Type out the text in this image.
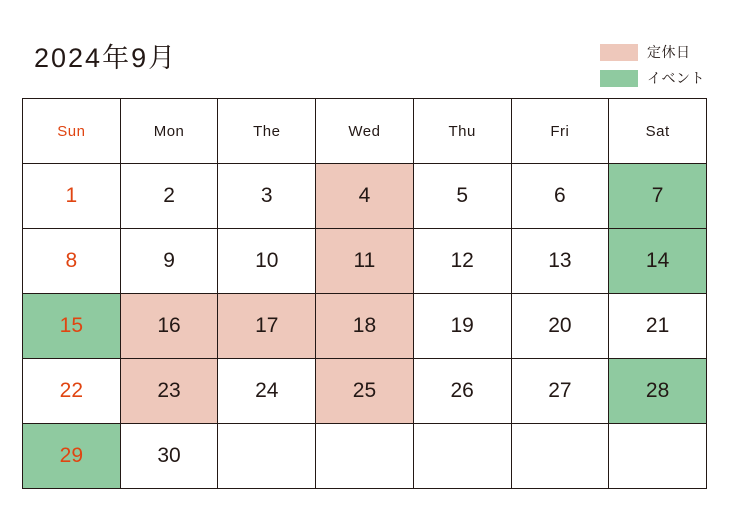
2024年9月	定休日
イベント
Sun	Mon	The	Wed	Thu	Fri	Sat
1	2	3	4	5	6	7
8	9	10	11	12	13	14
15	16	17	18	19	20	21
22	23	24	25	26	27	28
29	30					
